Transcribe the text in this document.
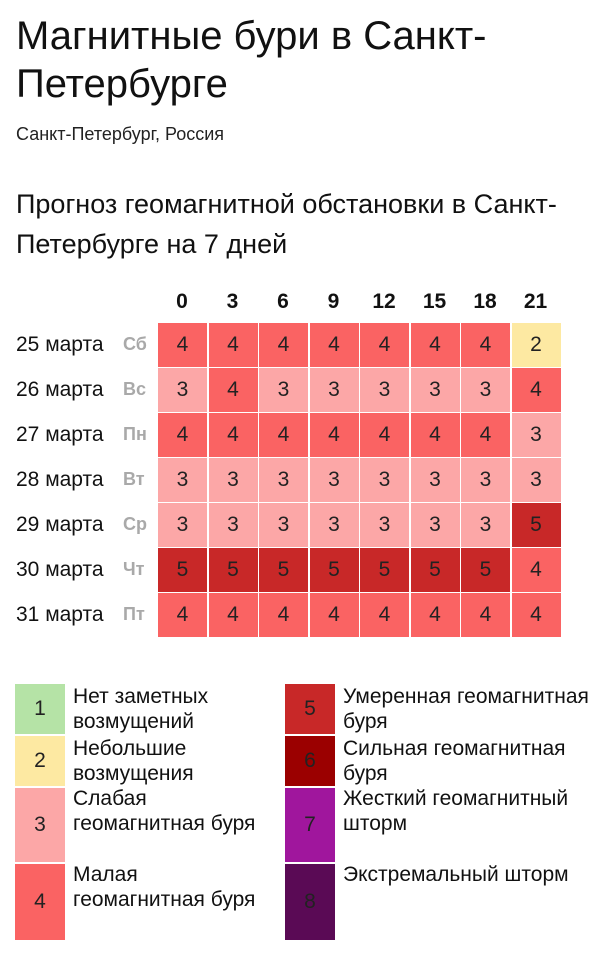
Магнитные бури в Санкт-Петербурге
Санкт-Петербург, Россия
Прогноз геомагнитной обстановки в Санкт-Петербурге на 7 дней
0	3	6	9	12	15	18	21
25 марта	Сб	4	4	4	4	4	4	4	2
26 марта	Вс	3	4	3	3	3	3	3	4
27 марта	Пн	4	4	4	4	4	4	4	3
28 марта	Вт	3	3	3	3	3	3	3	3
29 марта	Ср	3	3	3	3	3	3	3	5
30 марта	Чт	5	5	5	5	5	5	5	4
31 марта	Пт	4	4	4	4	4	4	4	4
1
Нет заметных возмущений
2
Небольшие возмущения
3
Слабая геомагнитная буря
4
Малая геомагнитная буря
5
Умеренная геомагнитная буря
6
Сильная геомагнитная буря
7
Жесткий геомагнитный шторм
8
Экстремальный шторм
